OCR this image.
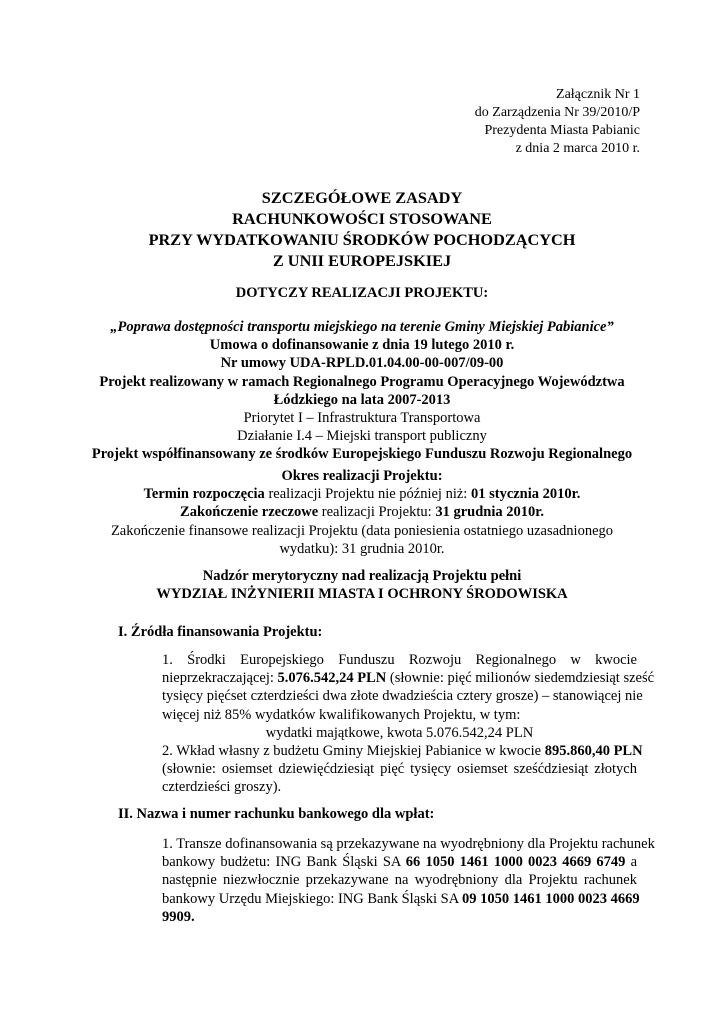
Załącznik Nr 1
do Zarządzenia Nr 39/2010/P
Prezydenta Miasta Pabianic
z dnia 2 marca 2010 r.
SZCZEGÓŁOWE ZASADY
RACHUNKOWOŚCI STOSOWANE
PRZY WYDATKOWANIU ŚRODKÓW POCHODZĄCYCH
Z UNII EUROPEJSKIEJ
DOTYCZY REALIZACJI PROJEKTU:
„Poprawa dostępności transportu miejskiego na terenie Gminy Miejskiej Pabianice”
Umowa o dofinansowanie z dnia 19 lutego 2010 r.
Nr umowy UDA-RPLD.01.04.00-00-007/09-00
Projekt realizowany w ramach Regionalnego Programu Operacyjnego Województwa
Łódzkiego na lata 2007-2013
Priorytet I – Infrastruktura Transportowa
Działanie I.4 – Miejski transport publiczny
Projekt współfinansowany ze środków Europejskiego Funduszu Rozwoju Regionalnego
Okres realizacji Projektu:
Termin rozpoczęcia realizacji Projektu nie później niż: 01 stycznia 2010r.
Zakończenie rzeczowe realizacji Projektu: 31 grudnia 2010r.
Zakończenie finansowe realizacji Projektu (data poniesienia ostatniego uzasadnionego
wydatku): 31 grudnia 2010r.
Nadzór merytoryczny nad realizacją Projektu pełni
WYDZIAŁ INŻYNIERII MIASTA I OCHRONY ŚRODOWISKA
I. Źródła finansowania Projektu:
1. Środki Europejskiego Funduszu Rozwoju Regionalnego w kwocie
nieprzekraczającej: 5.076.542,24 PLN (słownie: pięć milionów siedemdziesiąt sześć
tysięcy pięćset czterdzieści dwa złote dwadzieścia cztery grosze) – stanowiącej nie
więcej niż 85% wydatków kwalifikowanych Projektu, w tym:
wydatki majątkowe, kwota 5.076.542,24 PLN
2. Wkład własny z budżetu Gminy Miejskiej Pabianice w kwocie 895.860,40 PLN
(słownie: osiemset dziewięćdziesiąt pięć tysięcy osiemset sześćdziesiąt złotych
czterdzieści groszy).
II. Nazwa i numer rachunku bankowego dla wpłat:
1. Transze dofinansowania są przekazywane na wyodrębniony dla Projektu rachunek
bankowy budżetu: ING Bank Śląski SA 66 1050 1461 1000 0023 4669 6749 a
następnie niezwłocznie przekazywane na wyodrębniony dla Projektu rachunek
bankowy Urzędu Miejskiego: ING Bank Śląski SA 09 1050 1461 1000 0023 4669
9909.
